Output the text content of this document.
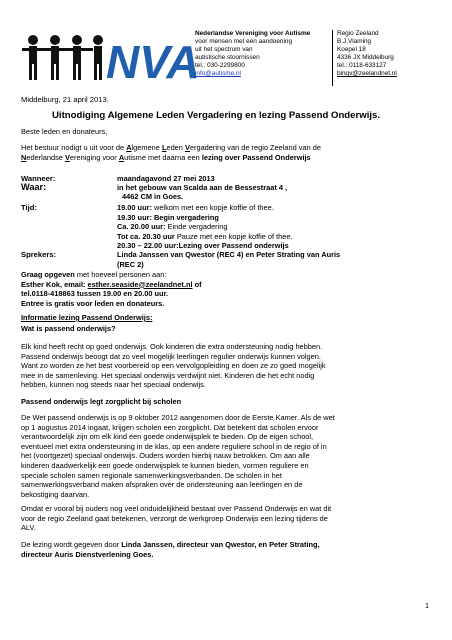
NVA
Nederlandse Vereniging voor Autisme
voor mensen met een aandoening
uit het spectrum van
autistische stoornissen
tel.: 030-2299800
info@autisme.nl
Regio Zeeland
B.J.Vlaming
Koepel 18
4336 JX Middelburg
tel.: 0118-633127
binqv@zeelandnet.nl
Middelburg, 21 april 2013.
Uitnodiging Algemene Leden Vergadering en lezing Passend Onderwijs.
Beste leden en donateurs,
Het bestuur nodigt u uit voor de Algemene Leden Vergadering van de regio Zeeland van de
Nederlandse Vereniging voor Autisme met daarna een lezing over Passend Onderwijs
Wanneer:	maandagavond 27 mei 2013
Waar:	in het gebouw van Scalda aan de Bessestraat 4 ,
4462 CM in Goes.
Tijd:	19.00 uur: welkom met een kopje koffie of thee.
19.30 uur: Begin vergadering
Ca. 20.00 uur: Einde vergadering
Tot ca. 20.30 uur Pauze met een kopje koffie of thee.
20.30 – 22.00 uur:Lezing over Passend onderwijs
Sprekers:	Linda Janssen van Qwestor (REC 4) en Peter Strating van Auris
(REC 2)
Graag opgeven met hoeveel personen aan:
Esther Kok, email: esther.seaside@zeelandnet.nl of
tel.0118-418863 tussen 19.00 en 20.00 uur.
Entree is gratis voor leden en donateurs.
Informatie lezing Passend Onderwijs:
Wat is passend onderwijs?
Elk kind heeft recht op goed onderwijs. Ook kinderen die extra ondersteuning nodig hebben.
Passend onderwijs beoogt dat zo veel mogelijk leerlingen regulier onderwijs kunnen volgen.
Want zo worden ze het best voorbereid op een vervolgopleiding en doen ze zo goed mogelijk
mee in de samenleving. Het speciaal onderwijs verdwijnt niet. Kinderen die het echt nodig
hebben, kunnen nog steeds naar het speciaal onderwijs.
Passend onderwijs legt zorgplicht bij scholen
De Wet passend onderwijs is op 9 oktober 2012 aangenomen door de Eerste Kamer. Als de wet
op 1 augustus 2014 ingaat, krijgen scholen een zorgplicht. Dat betekent dat scholen ervoor
verantwoordelijk zijn om elk kind een goede onderwijsplek te bieden. Op de eigen school,
eventueel met extra ondersteuning in de klas, op een andere reguliere school in de regio of in
het (voortgezet) speciaal onderwijs. Ouders worden hierbij nauw betrokken. Om aan alle
kinderen daadwerkelijk een goede onderwijsplek te kunnen bieden, vormen reguliere en
speciale scholen samen regionale samenwerkingsverbanden. De scholen in het
samenwerkingsverband maken afspraken over de ondersteuning aan leerlingen en de
bekostiging daarvan.
Omdat er vooral bij ouders nog veel onduidelijkheid bestaat over Passend Onderwijs en wat dit
voor de regio Zeeland gaat betekenen, verzorgt de werkgroep Onderwijs een lezing tijdens de
ALV.
De lezing wordt gegeven door Linda Janssen, directeur van Qwestor, en Peter Strating,
directeur Auris Dienstverlening Goes.
1
